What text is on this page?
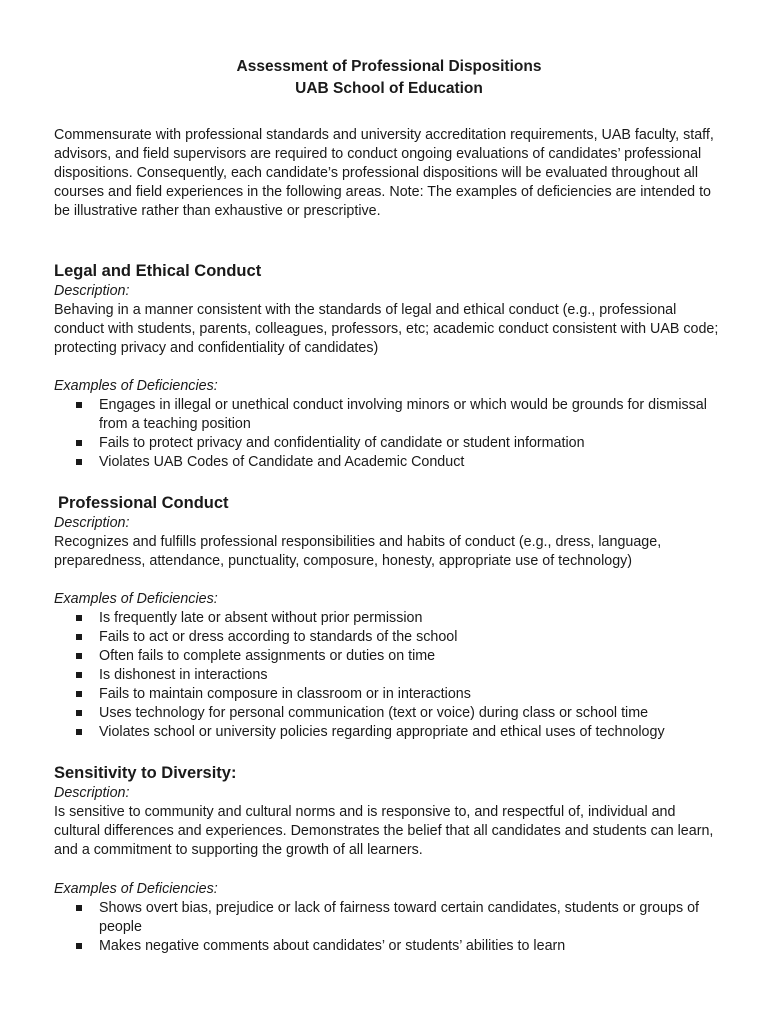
Assessment of Professional Dispositions

UAB School of Education

Commensurate with professional standards and university accreditation requirements, UAB faculty, staff, advisors, and field supervisors are required to conduct ongoing evaluations of candidates’ professional dispositions. Consequently, each candidate’s professional dispositions will be evaluated throughout all courses and field experiences in the following areas. Note: The examples of deficiencies are intended to be illustrative rather than exhaustive or prescriptive.

Legal and Ethical Conduct

Description:

Behaving in a manner consistent with the standards of legal and ethical conduct (e.g., professional conduct with students, parents, colleagues, professors, etc; academic conduct consistent with UAB code; protecting privacy and confidentiality of candidates)

Examples of Deficiencies:

Engages in illegal or unethical conduct involving minors or which would be grounds for dismissal from a teaching position
Fails to protect privacy and confidentiality of candidate or student information
Violates UAB Codes of Candidate and Academic Conduct

Professional Conduct

Description:

Recognizes and fulfills professional responsibilities and habits of conduct (e.g., dress, language, preparedness, attendance, punctuality, composure, honesty, appropriate use of technology)

Examples of Deficiencies:

Is frequently late or absent without prior permission
Fails to act or dress according to standards of the school
Often fails to complete assignments or duties on time
Is dishonest in interactions
Fails to maintain composure in classroom or in interactions
Uses technology for personal communication (text or voice) during class or school time
Violates school or university policies regarding appropriate and ethical uses of technology

Sensitivity to Diversity:

Description:

Is sensitive to community and cultural norms and is responsive to, and respectful of, individual and cultural differences and experiences. Demonstrates the belief that all candidates and students can learn, and a commitment to supporting the growth of all learners.

Examples of Deficiencies:

Shows overt bias, prejudice or lack of fairness toward certain candidates, students or groups of people
Makes negative comments about candidates’ or students’ abilities to learn
